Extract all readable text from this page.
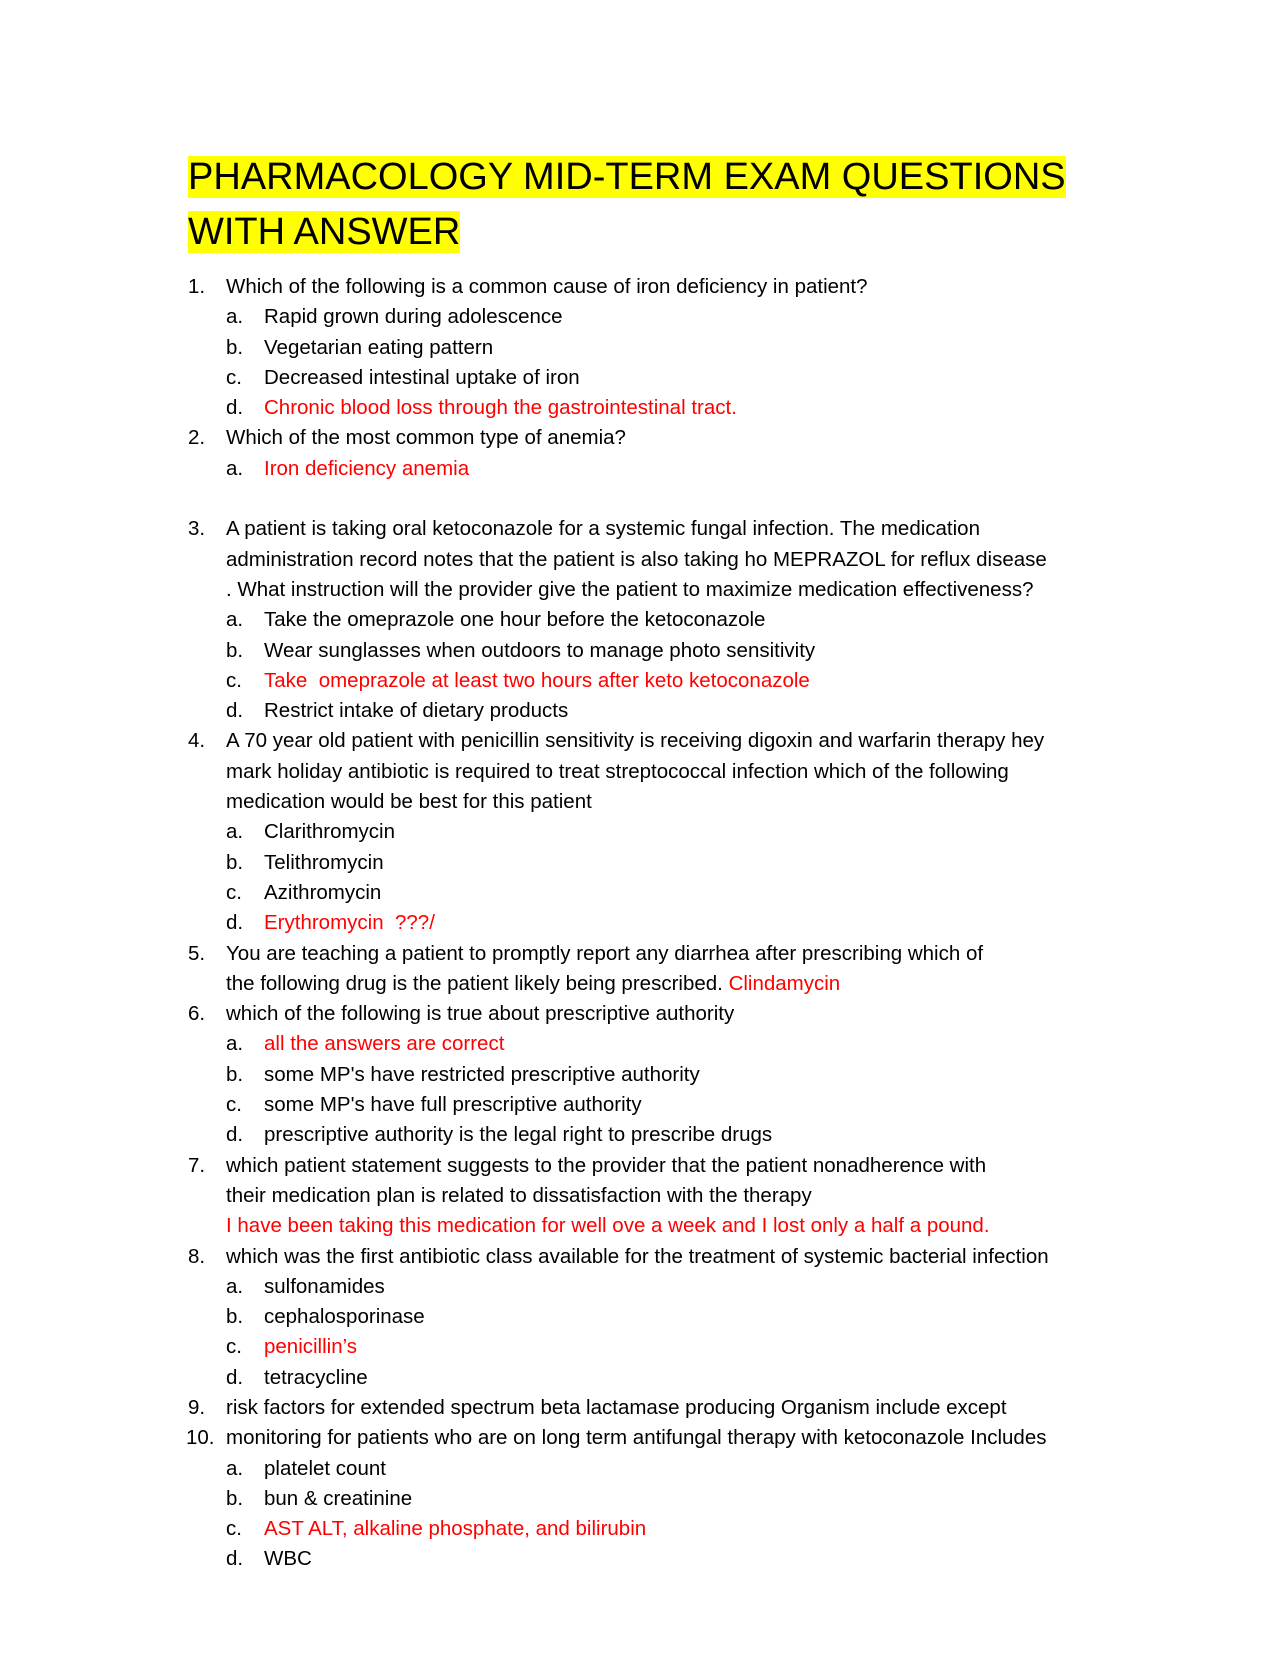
PHARMACOLOGY MID-TERM EXAM QUESTIONS
WITH ANSWER
1. Which of the following is a common cause of iron deficiency in patient?
a. Rapid grown during adolescence
b. Vegetarian eating pattern
c. Decreased intestinal uptake of iron
d. Chronic blood loss through the gastrointestinal tract.
2. Which of the most common type of anemia?
a. Iron deficiency anemia
3. A patient is taking oral ketoconazole for a systemic fungal infection. The medication
administration record notes that the patient is also taking ho MEPRAZOL for reflux disease
. What instruction will the provider give the patient to maximize medication effectiveness?
a. Take the omeprazole one hour before the ketoconazole
b. Wear sunglasses when outdoors to manage photo sensitivity
c. Take  omeprazole at least two hours after keto ketoconazole
d. Restrict intake of dietary products
4. A 70 year old patient with penicillin sensitivity is receiving digoxin and warfarin therapy hey
mark holiday antibiotic is required to treat streptococcal infection which of the following
medication would be best for this patient
a. Clarithromycin
b. Telithromycin
c. Azithromycin
d. Erythromycin  ???/
5. You are teaching a patient to promptly report any diarrhea after prescribing which of
the following drug is the patient likely being prescribed. Clindamycin
6. which of the following is true about prescriptive authority
a. all the answers are correct
b. some MP's have restricted prescriptive authority
c. some MP's have full prescriptive authority
d. prescriptive authority is the legal right to prescribe drugs
7. which patient statement suggests to the provider that the patient nonadherence with
their medication plan is related to dissatisfaction with the therapy
I have been taking this medication for well ove a week and I lost only a half a pound.
8. which was the first antibiotic class available for the treatment of systemic bacterial infection
a. sulfonamides
b. cephalosporinase
c. penicillin’s
d. tetracycline
9. risk factors for extended spectrum beta lactamase producing Organism include except
10. monitoring for patients who are on long term antifungal therapy with ketoconazole Includes
a. platelet count
b. bun & creatinine
c. AST ALT, alkaline phosphate, and bilirubin
d. WBC
